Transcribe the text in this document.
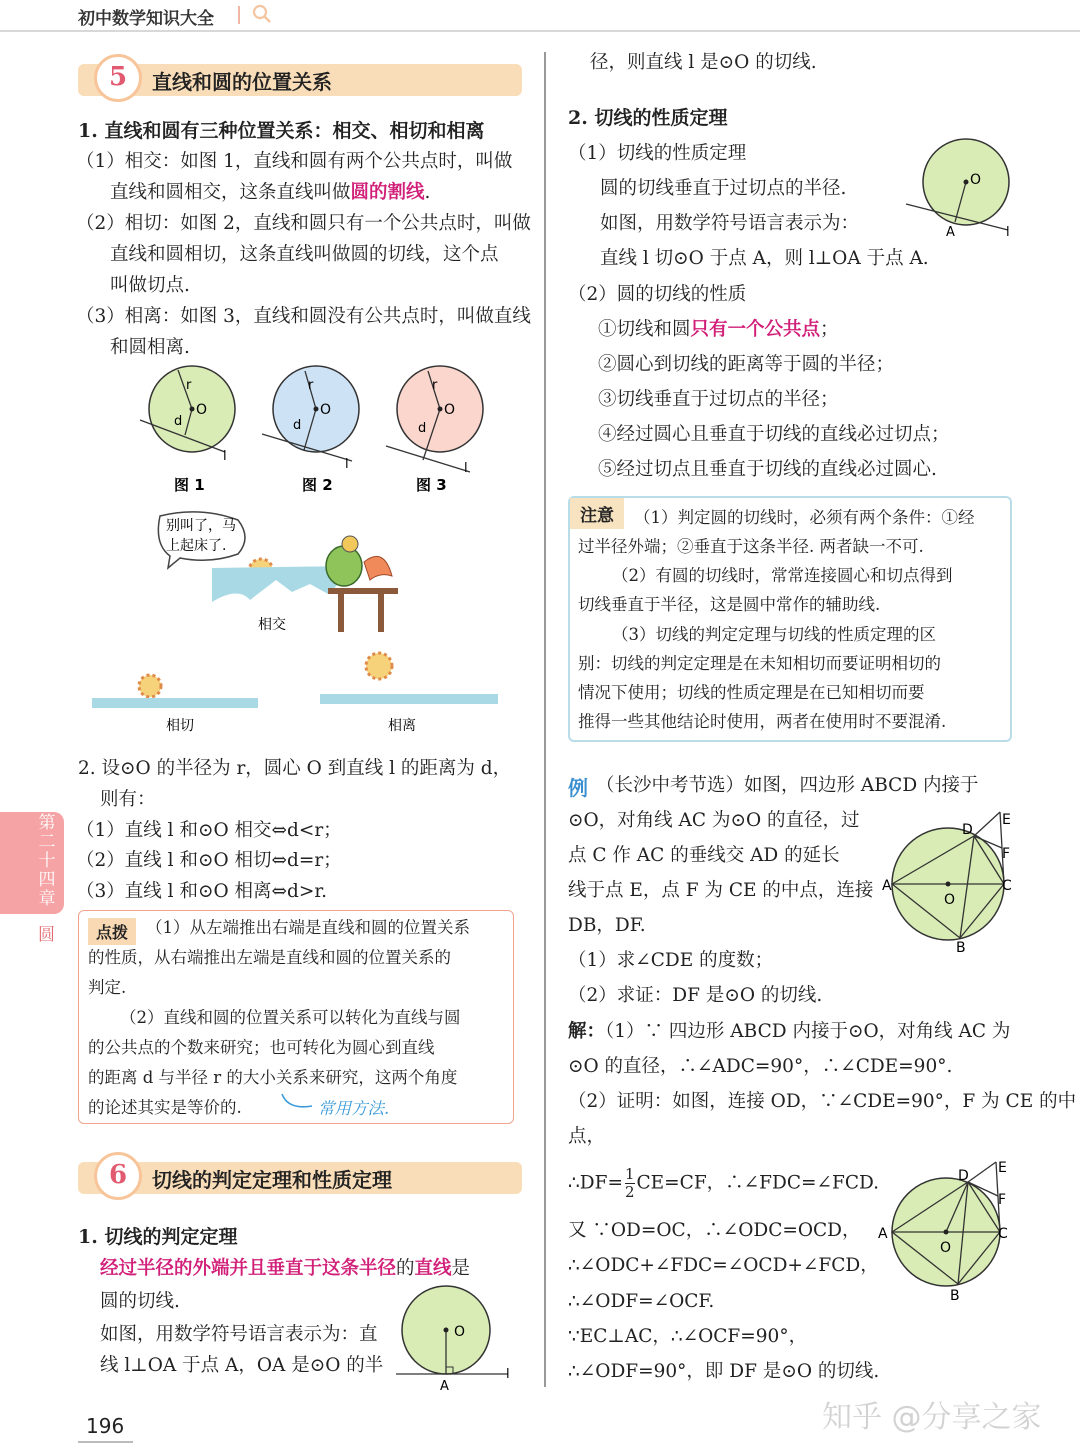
初中数学知识大全
5	直线和圆的位置关系
1. 直线和圆有三种位置关系：相交、相切和相离
（1）相交：如图 1，直线和圆有两个公共点时，叫做
直线和圆相交，这条直线叫做圆的割线.
（2）相切：如图 2，直线和圆只有一个公共点时，叫做
直线和圆相切，这条直线叫做圆的切线，这个点
叫做切点.
（3）相离：如图 3，直线和圆没有公共点时，叫做直线
和圆相离.
r
O
d
l
图 1
r
O
d
l
图 2
r
O
d
l
图 3
别叫了，马
上起床了.
相交
相切	相离
2. 设⊙O 的半径为 r，圆心 O 到直线 l 的距离为 d，
则有：
（1）直线 l 和⊙O 相交⇔d<r；
（2）直线 l 和⊙O 相切⇔d=r；
（3）直线 l 和⊙O 相离⇔d>r.
点拨	（1）从左端推出右端是直线和圆的位置关系
的性质，从右端推出左端是直线和圆的位置关系的
判定.
（2）直线和圆的位置关系可以转化为直线与圆
的公共点的个数来研究；也可转化为圆心到直线
的距离 d 与半径 r 的大小关系来研究，这两个角度
的论述其实是等价的.	常用方法.
6	切线的判定定理和性质定理
1. 切线的判定定理
经过半径的外端并且垂直于这条半径的直线是
圆的切线.
如图，用数学符号语言表示为：直
线 l⊥OA 于点 A，OA 是⊙O 的半
O
A
l
径，则直线 l 是⊙O 的切线.
2. 切线的性质定理
（1）切线的性质定理
圆的切线垂直于过切点的半径.
如图，用数学符号语言表示为：
直线 l 切⊙O 于点 A，则 l⊥OA 于点 A.
O
A	l
（2）圆的切线的性质
①切线和圆只有一个公共点；
②圆心到切线的距离等于圆的半径；
③切线垂直于过切点的半径；
④经过圆心且垂直于切线的直线必过切点；
⑤经过切点且垂直于切线的直线必过圆心.
注意	（1）判定圆的切线时，必须有两个条件：①经
过半径外端；②垂直于这条半径. 两者缺一不可.
（2）有圆的切线时，常常连接圆心和切点得到
切线垂直于半径，这是圆中常作的辅助线.
（3）切线的判定定理与切线的性质定理的区
别：切线的判定定理是在未知相切而要证明相切的
情况下使用；切线的性质定理是在已知相切而要
推得一些其他结论时使用，两者在使用时不要混淆.
例 （长沙中考节选）如图，四边形 ABCD 内接于
⊙O，对角线 AC 为⊙O 的直径，过
点 C 作 AC 的垂线交 AD 的延长
线于点 E，点 F 为 CE 的中点，连接
DB，DF.
（1）求∠CDE 的度数；
（2）求证：DF 是⊙O 的切线.
A
B
C
D
E
F
O
解：（1）∵ 四边形 ABCD 内接于⊙O，对角线 AC 为
⊙O 的直径，∴∠ADC=90°，∴∠CDE=90°.
（2）证明：如图，连接 OD，∵∠CDE=90°，F 为 CE 的中
点，
∴DF= $\frac{1}{2} CE=CF$，∴∠FDC=∠FCD.
又 ∵OD=OC，∴∠ODC=OCD，
∴∠ODC+∠FDC=∠OCD+∠FCD，
∴∠ODF=∠OCF.
∵EC⊥AC，∴∠OCF=90°，
∴∠ODF=90°，即 DF 是⊙O 的切线.
A
B
C
D E
F
O
第二十四章
圆
196	知乎 @分享之家
